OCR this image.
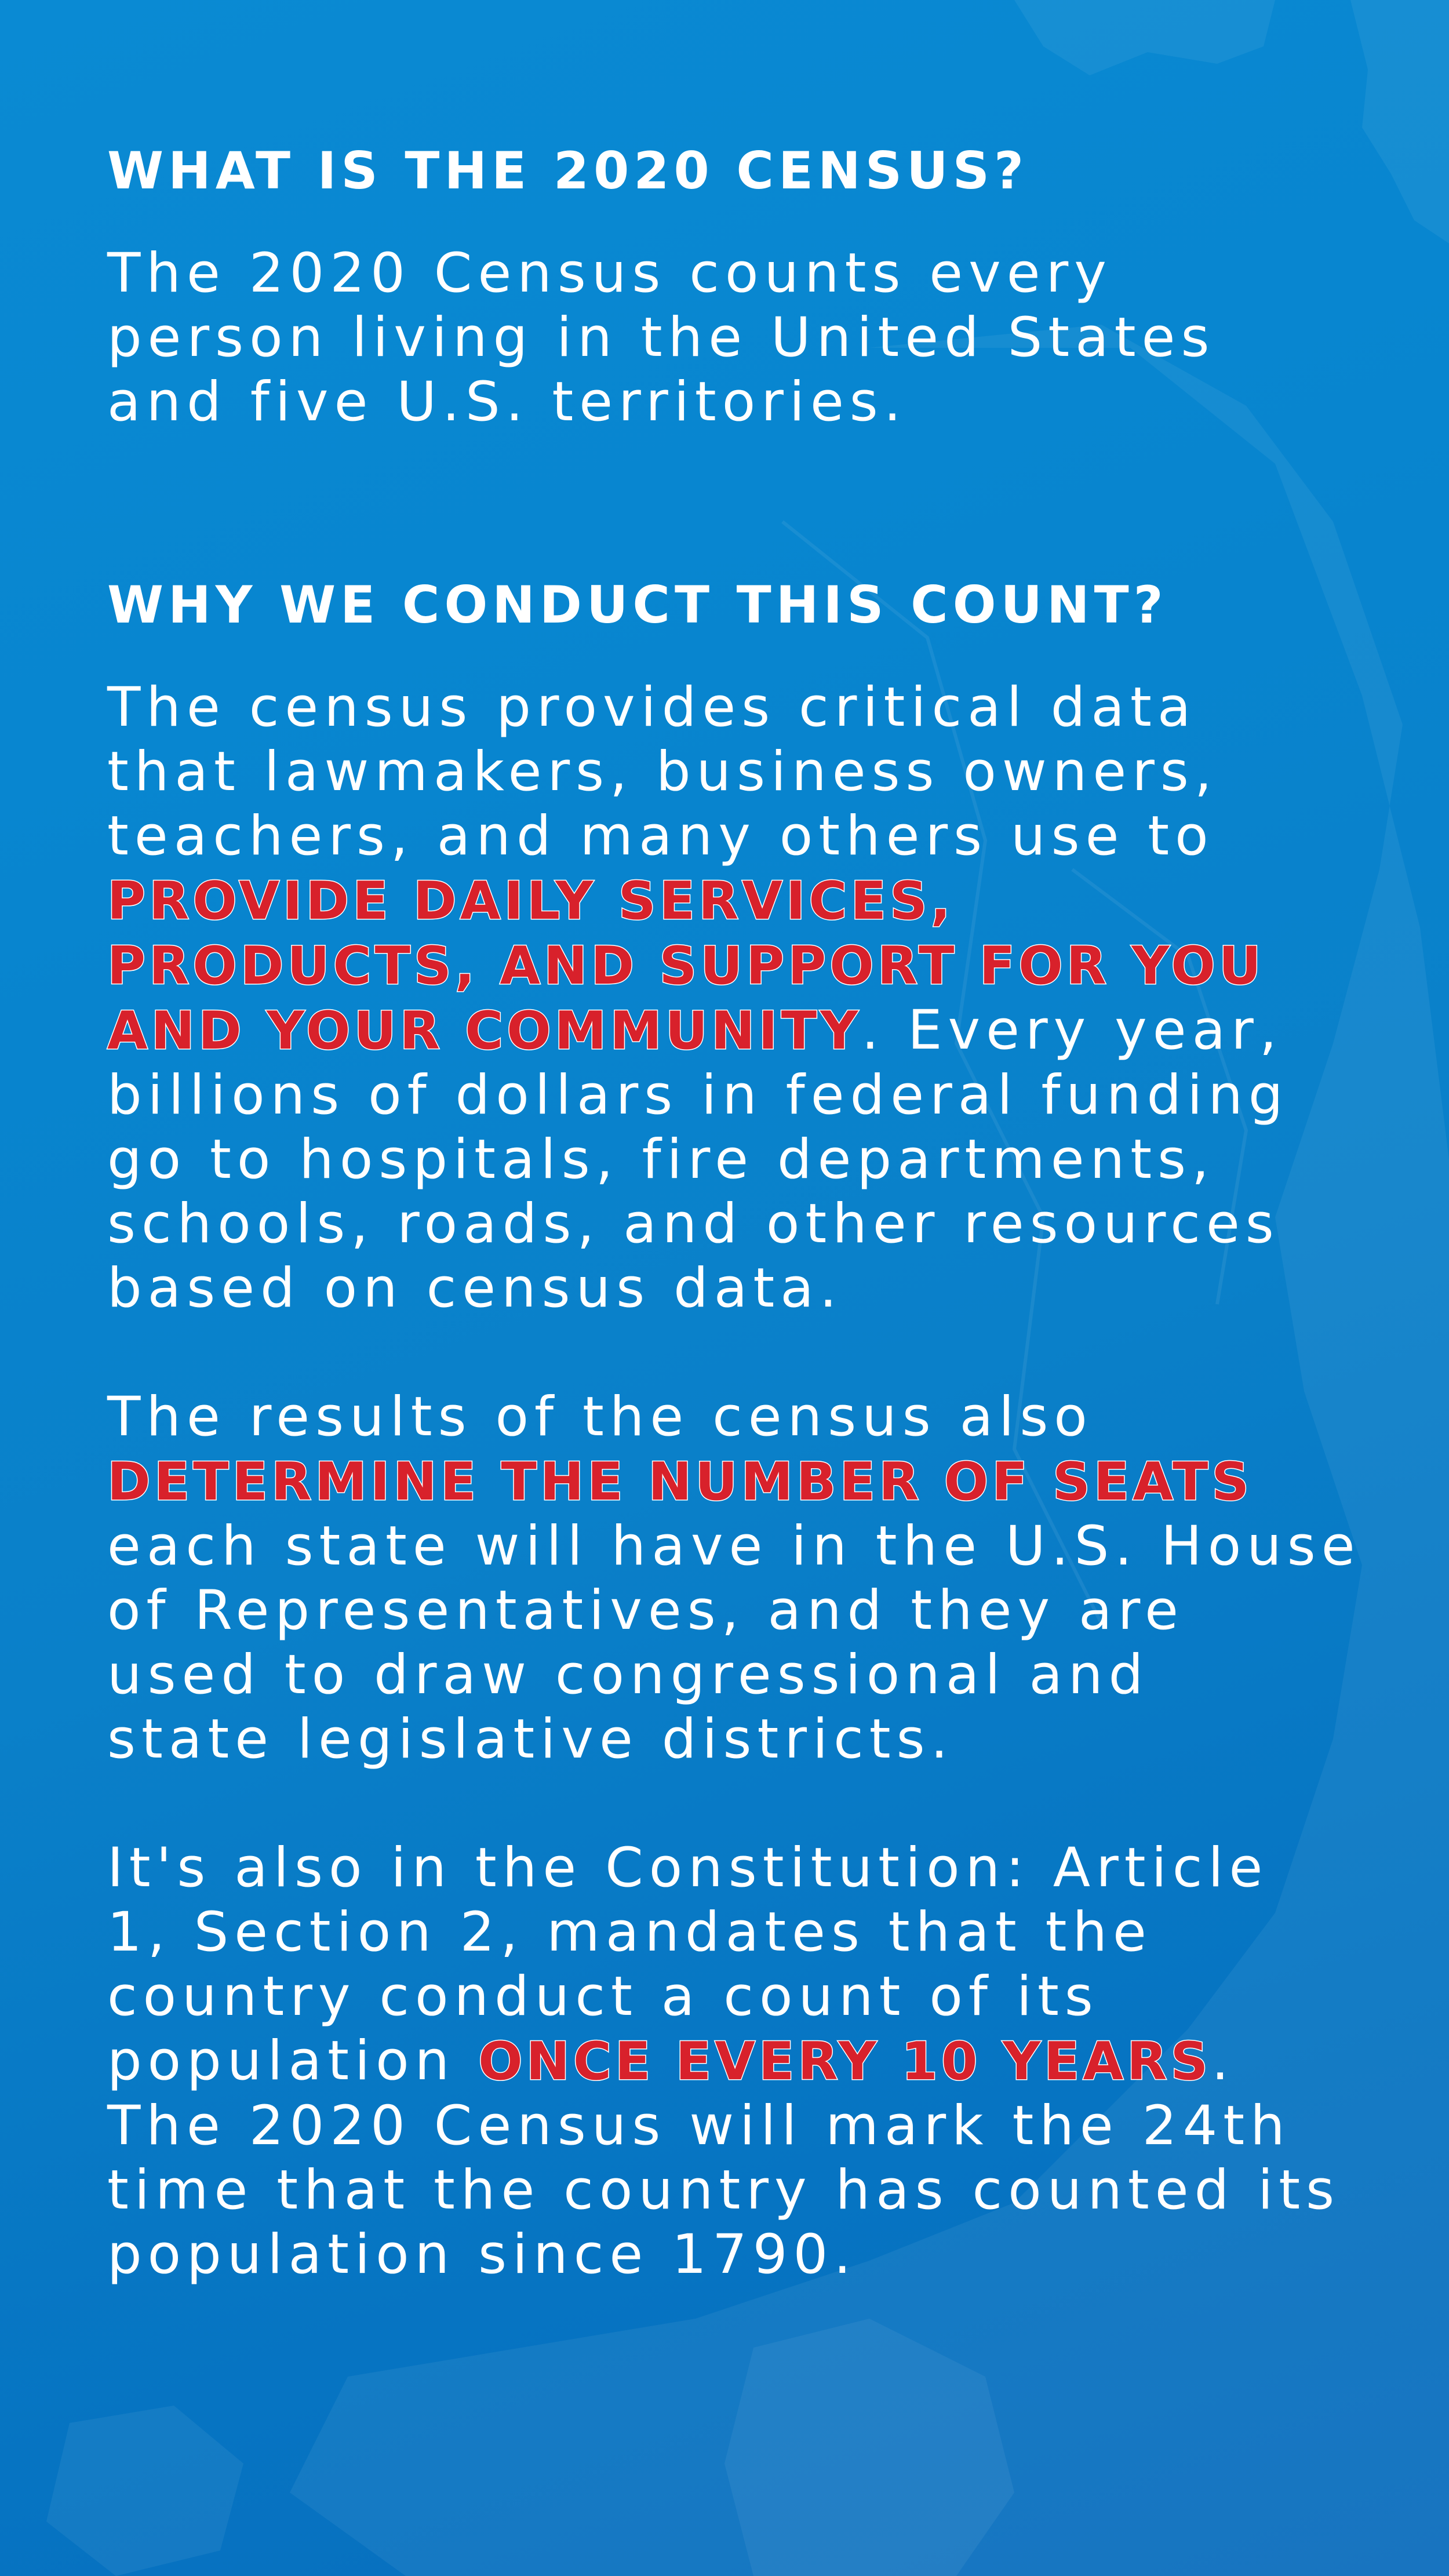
WHAT IS THE 2020 CENSUS?

The 2020 Census counts every
person living in the United States
and five U.S. territories.

WHY WE CONDUCT THIS COUNT?

The census provides critical data
that lawmakers, business owners,
teachers, and many others use to
PROVIDE DAILY SERVICES,
PRODUCTS, AND SUPPORT FOR YOU
AND YOUR COMMUNITY. Every year,
billions of dollars in federal funding
go to hospitals, fire departments,
schools, roads, and other resources
based on census data.

The results of the census also
DETERMINE THE NUMBER OF SEATS
each state will have in the U.S. House
of Representatives, and they are
used to draw congressional and
state legislative districts.

It's also in the Constitution: Article
1, Section 2, mandates that the
country conduct a count of its
population ONCE EVERY 10 YEARS.
The 2020 Census will mark the 24th
time that the country has counted its
population since 1790.
